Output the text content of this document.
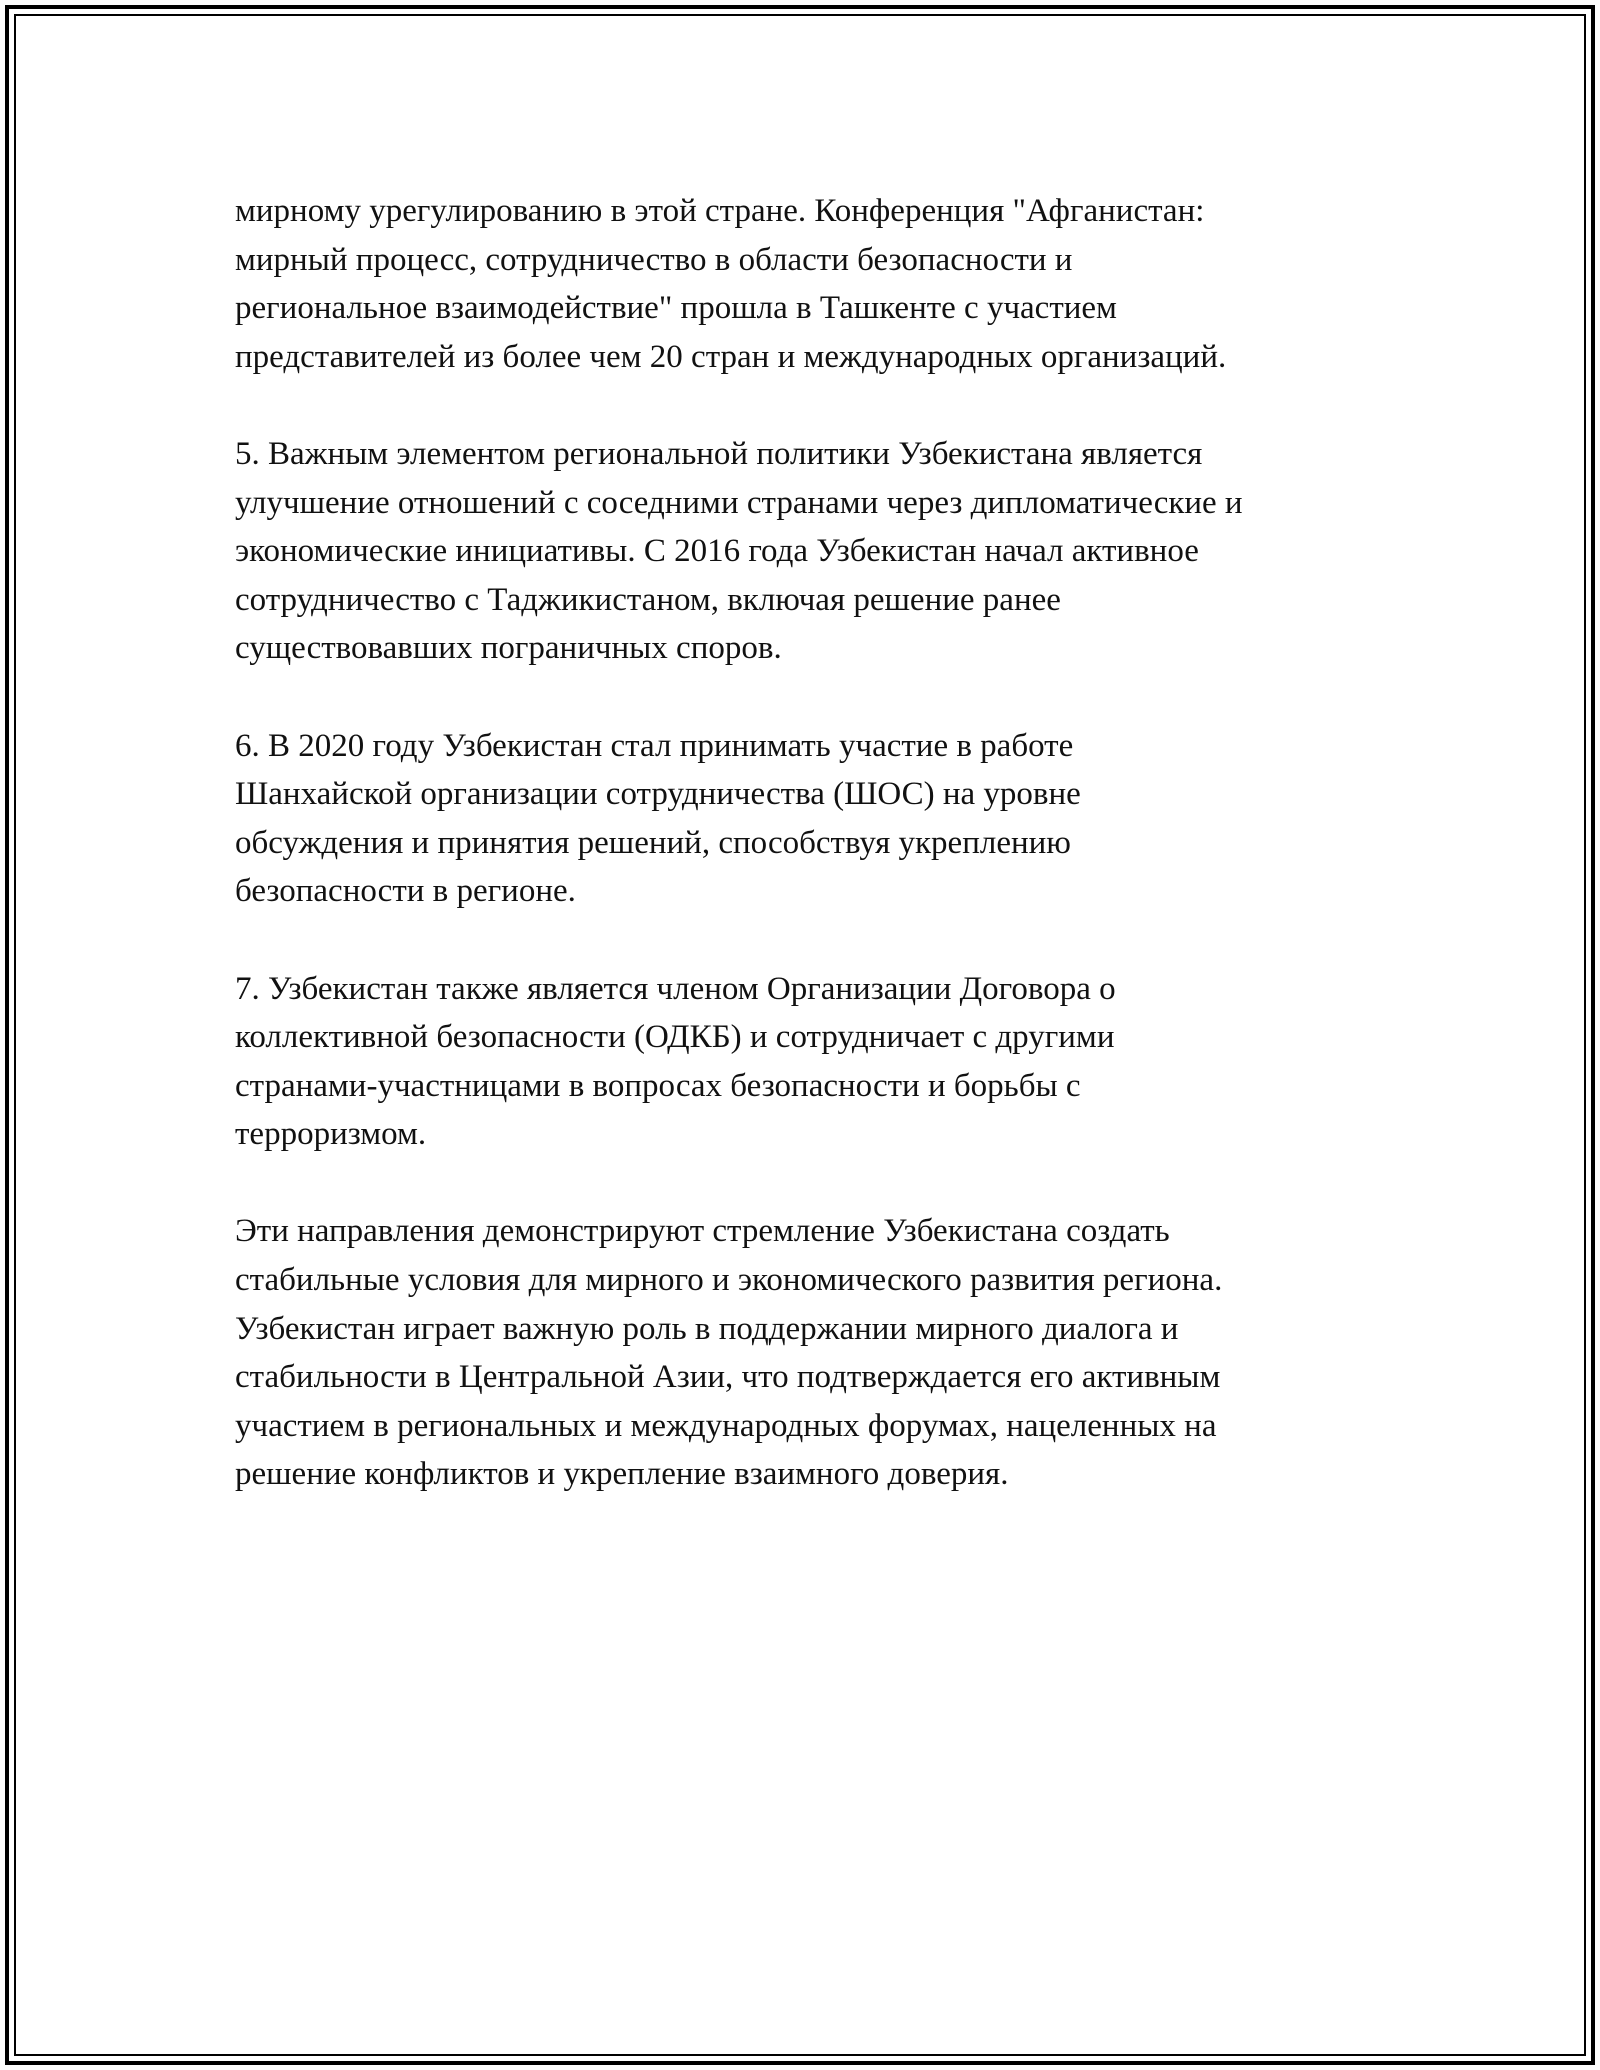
мирному урегулированию в этой стране. Конференция "Афганистан:
мирный процесс, сотрудничество в области безопасности и
региональное взаимодействие" прошла в Ташкенте с участием
представителей из более чем 20 стран и международных организаций.

5. Важным элементом региональной политики Узбекистана является
улучшение отношений с соседними странами через дипломатические и
экономические инициативы. С 2016 года Узбекистан начал активное
сотрудничество с Таджикистаном, включая решение ранее
существовавших пограничных споров.

6. В 2020 году Узбекистан стал принимать участие в работе
Шанхайской организации сотрудничества (ШОС) на уровне
обсуждения и принятия решений, способствуя укреплению
безопасности в регионе.

7. Узбекистан также является членом Организации Договора о
коллективной безопасности (ОДКБ) и сотрудничает с другими
странами-участницами в вопросах безопасности и борьбы с
терроризмом.

Эти направления демонстрируют стремление Узбекистана создать
стабильные условия для мирного и экономического развития региона.
Узбекистан играет важную роль в поддержании мирного диалога и
стабильности в Центральной Азии, что подтверждается его активным
участием в региональных и международных форумах, нацеленных на
решение конфликтов и укрепление взаимного доверия.
